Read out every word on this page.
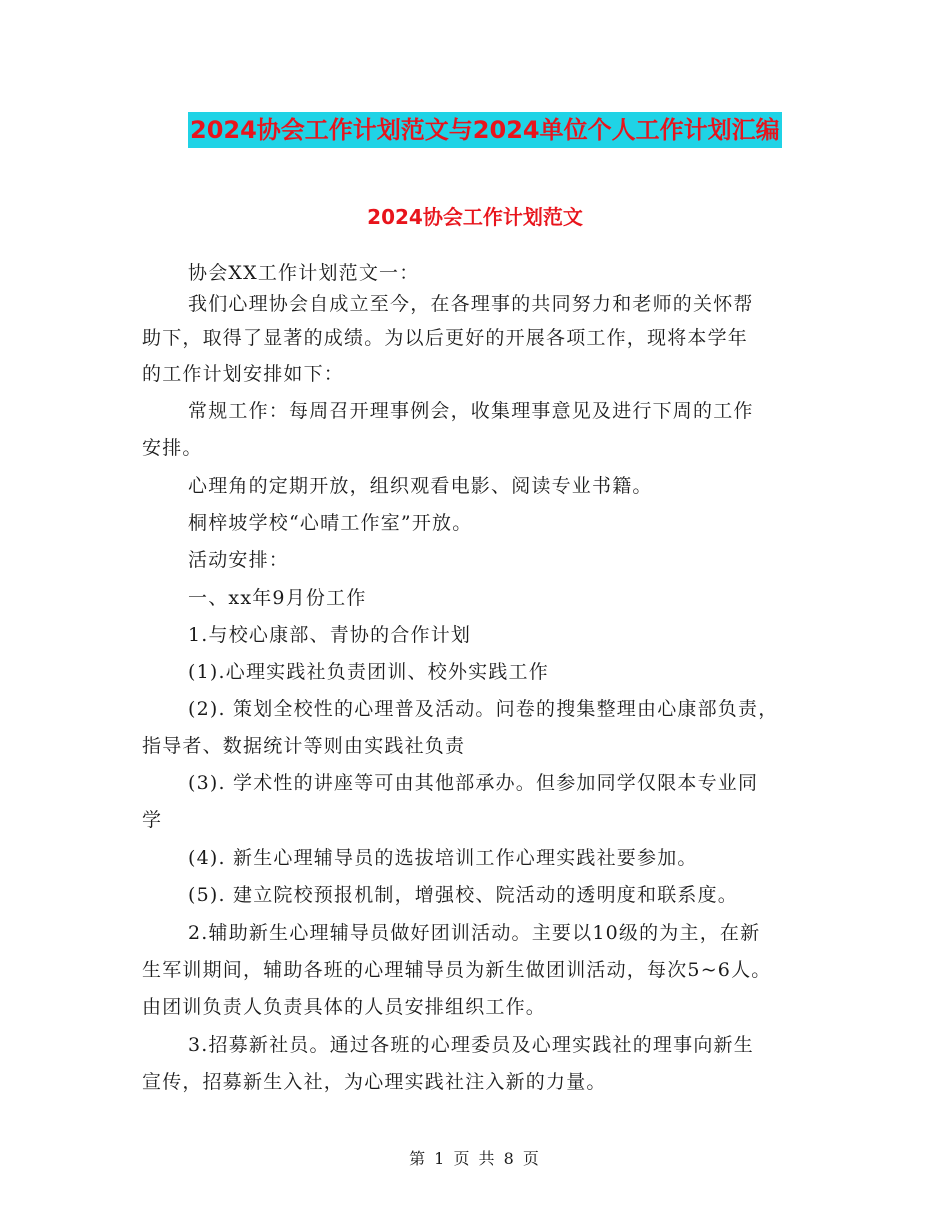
2024协会工作计划范文与2024单位个人工作计划汇编
2024协会工作计划范文
协会XX工作计划范文一：
我们心理协会自成立至今，在各理事的共同努力和老师的关怀帮
助下，取得了显著的成绩。为以后更好的开展各项工作，现将本学年
的工作计划安排如下：
常规工作：每周召开理事例会，收集理事意见及进行下周的工作
安排。
心理角的定期开放，组织观看电影、阅读专业书籍。
桐梓坡学校“心晴工作室”开放。
活动安排：
一、xx年9月份工作
1.与校心康部、青协的合作计划
(1).心理实践社负责团训、校外实践工作
(2). 策划全校性的心理普及活动。问卷的搜集整理由心康部负责，
指导者、数据统计等则由实践社负责
(3). 学术性的讲座等可由其他部承办。但参加同学仅限本专业同
学
(4). 新生心理辅导员的选拔培训工作心理实践社要参加。
(5). 建立院校预报机制，增强校、院活动的透明度和联系度。
2.辅助新生心理辅导员做好团训活动。主要以10级的为主，在新
生军训期间，辅助各班的心理辅导员为新生做团训活动，每次5~6人。
由团训负责人负责具体的人员安排组织工作。
3.招募新社员。通过各班的心理委员及心理实践社的理事向新生
宣传，招募新生入社，为心理实践社注入新的力量。
第 1 页 共 8 页
